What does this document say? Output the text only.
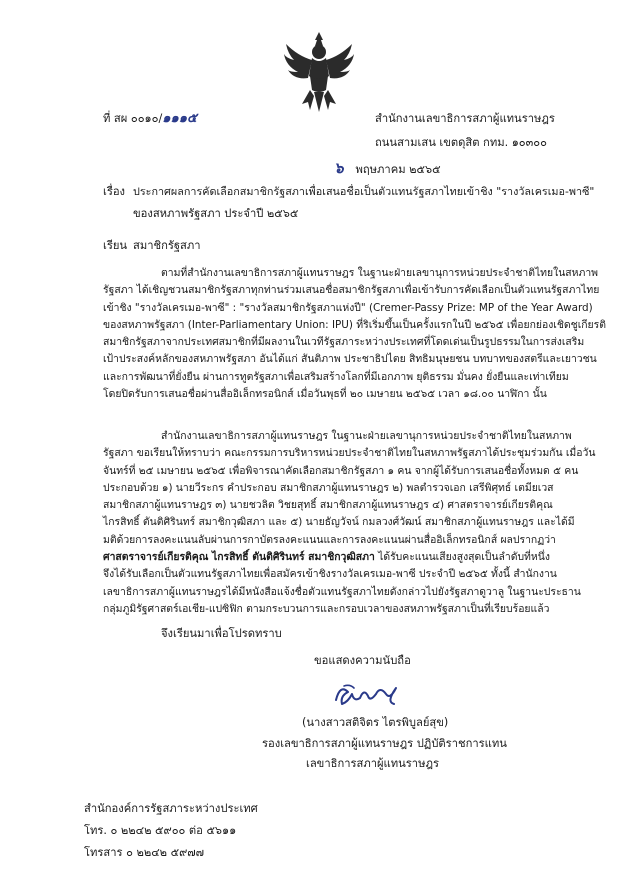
ที่ สผ ๐๐๑๐/๑๑๑๕	สำนักงานเลขาธิการสภาผู้แทนราษฎร
ถนนสามเสน เขตดุสิต กทม. ๑๐๓๐๐
๖ พฤษภาคม ๒๕๖๕
เรื่อง ประกาศผลการคัดเลือกสมาชิกรัฐสภาเพื่อเสนอชื่อเป็นตัวแทนรัฐสภาไทยเข้าชิง "รางวัลเครเมอ-พาซี"
ของสหภาพรัฐสภา ประจำปี ๒๕๖๕
เรียน สมาชิกรัฐสภา
ตามที่สำนักงานเลขาธิการสภาผู้แทนราษฎร ในฐานะฝ่ายเลขานุการหน่วยประจำชาติไทยในสหภาพ
รัฐสภา ได้เชิญชวนสมาชิกรัฐสภาทุกท่านร่วมเสนอชื่อสมาชิกรัฐสภาเพื่อเข้ารับการคัดเลือกเป็นตัวแทนรัฐสภาไทย
เข้าชิง "รางวัลเครเมอ-พาซี" : "รางวัลสมาชิกรัฐสภาแห่งปี" (Cremer-Passy Prize: MP of the Year Award)
ของสหภาพรัฐสภา (Inter-Parliamentary Union: IPU) ที่ริเริ่มขึ้นเป็นครั้งแรกในปี ๒๕๖๕ เพื่อยกย่องเชิดชูเกียรติ
สมาชิกรัฐสภาจากประเทศสมาชิกที่มีผลงานในเวทีรัฐสภาระหว่างประเทศที่โดดเด่นเป็นรูปธรรมในการส่งเสริม
เป้าประสงค์หลักของสหภาพรัฐสภา อันได้แก่ สันติภาพ ประชาธิปไตย สิทธิมนุษยชน บทบาทของสตรีและเยาวชน
และการพัฒนาที่ยั่งยืน ผ่านการทูตรัฐสภาเพื่อเสริมสร้างโลกที่มีเอกภาพ ยุติธรรม มั่นคง ยั่งยืนและเท่าเทียม
โดยปิดรับการเสนอชื่อผ่านสื่ออิเล็กทรอนิกส์ เมื่อวันพุธที่ ๒๐ เมษายน ๒๕๖๕ เวลา ๑๘.๐๐ นาฬิกา นั้น
สำนักงานเลขาธิการสภาผู้แทนราษฎร ในฐานะฝ่ายเลขานุการหน่วยประจำชาติไทยในสหภาพ
รัฐสภา ขอเรียนให้ทราบว่า คณะกรรมการบริหารหน่วยประจำชาติไทยในสหภาพรัฐสภาได้ประชุมร่วมกัน เมื่อวัน
จันทร์ที่ ๒๕ เมษายน ๒๕๖๕ เพื่อพิจารณาคัดเลือกสมาชิกรัฐสภา ๑ คน จากผู้ได้รับการเสนอชื่อทั้งหมด ๕ คน
ประกอบด้วย ๑) นายวีระกร คำประกอบ สมาชิกสภาผู้แทนราษฎร ๒) พลตำรวจเอก เสรีพิศุทธ์ เตมียเวส
สมาชิกสภาผู้แทนราษฎร ๓) นายชวลิต วิชยสุทธิ์ สมาชิกสภาผู้แทนราษฎร ๔) ศาสตราจารย์เกียรติคุณ
ไกรสิทธิ์ ตันติศิรินทร์ สมาชิกวุฒิสภา และ ๕) นายธัญวัจน์ กมลวงศ์วัฒน์ สมาชิกสภาผู้แทนราษฎร และได้มี
มติด้วยการลงคะแนนลับผ่านการกาบัตรลงคะแนนและการลงคะแนนผ่านสื่ออิเล็กทรอนิกส์ ผลปรากฏว่า
ศาสตราจารย์เกียรติคุณ ไกรสิทธิ์ ตันติศิรินทร์ สมาชิกวุฒิสภา ได้รับคะแนนเสียงสูงสุดเป็นลำดับที่หนึ่ง
จึงได้รับเลือกเป็นตัวแทนรัฐสภาไทยเพื่อสมัครเข้าชิงรางวัลเครเมอ-พาซี ประจำปี ๒๕๖๕ ทั้งนี้ สำนักงาน
เลขาธิการสภาผู้แทนราษฎรได้มีหนังสือแจ้งชื่อตัวแทนรัฐสภาไทยดังกล่าวไปยังรัฐสภาดูวาลู ในฐานะประธาน
กลุ่มภูมิรัฐศาสตร์เอเชีย-แปซิฟิก ตามกระบวนการและกรอบเวลาของสหภาพรัฐสภาเป็นที่เรียบร้อยแล้ว
จึงเรียนมาเพื่อโปรดทราบ
ขอแสดงความนับถือ
(นางสาวสติจิตร ไตรพิบูลย์สุข)
รองเลขาธิการสภาผู้แทนราษฎร ปฏิบัติราชการแทน
เลขาธิการสภาผู้แทนราษฎร
สำนักองค์การรัฐสภาระหว่างประเทศ
โทร. ๐ ๒๒๔๒ ๕๙๐๐ ต่อ ๕๖๑๑
โทรสาร ๐ ๒๒๔๒ ๕๙๗๗
